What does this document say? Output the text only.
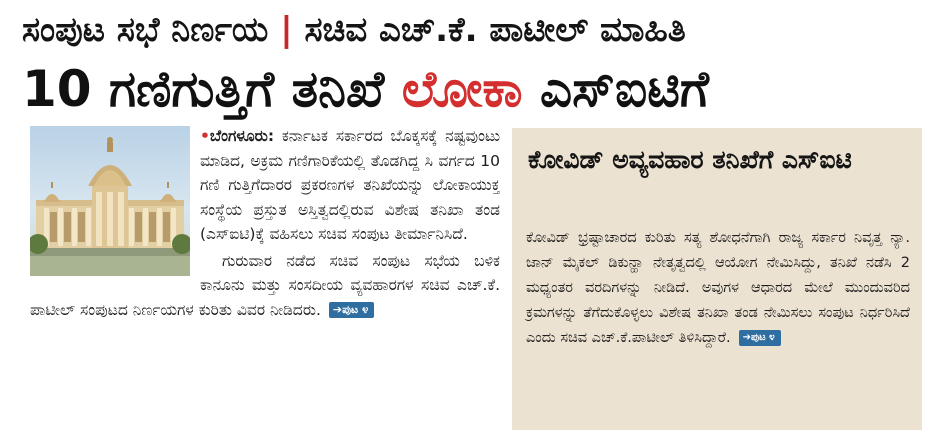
ಸಂಪುಟ ಸಭೆ ನಿರ್ಣಯ | ಸಚಿವ ಎಚ್‌.ಕೆ. ಪಾಟೀಲ್‌ ಮಾಹಿತಿ
10 ಗಣಿಗುತ್ತಿಗೆ ತನಿಖೆ ಲೋಕಾ ಎಸ್‌ಐಟಿಗೆ

•ಬೆಂಗಳೂರು: ಕರ್ನಾಟಕ ಸರ್ಕಾರದ ಬೊಕ್ಕಸಕ್ಕೆ ನಷ್ಟವುಂಟು ಮಾಡಿದ, ಅಕ್ರಮ ಗಣಿಗಾರಿಕೆಯಲ್ಲಿ ತೊಡಗಿದ್ದ ಸಿ ವರ್ಗದ 10 ಗಣಿ ಗುತ್ತಿಗೆದಾರರ ಪ್ರಕರಣಗಳ ತನಿಖೆಯನ್ನು ಲೋಕಾಯುಕ್ತ ಸಂಸ್ಥೆಯ ಪ್ರಸ್ತುತ ಅಸ್ತಿತ್ವದಲ್ಲಿರುವ ವಿಶೇಷ ತನಿಖಾ ತಂಡ (ಎಸ್‌ಐಟಿ)ಕ್ಕೆ ವಹಿಸಲು ಸಚಿವ ಸಂಪುಟ ತೀರ್ಮಾನಿಸಿದೆ.

ಗುರುವಾರ ನಡೆದ ಸಚಿವ ಸಂಪುಟ ಸಭೆಯ ಬಳಿಕ ಕಾನೂನು ಮತ್ತು ಸಂಸದೀಯ ವ್ಯವಹಾರಗಳ ಸಚಿವ ಎಚ್‌.ಕೆ. ಪಾಟೀಲ್‌ ಸಂಪುಟದ ನಿರ್ಣಯಗಳ ಕುರಿತು ವಿವರ ನೀಡಿದರು. ➔ಪುಟ ೪

ಕೋವಿಡ್‌ ಅವ್ಯವಹಾರ ತನಿಖೆಗೆ ಎಸ್‌ಐಟಿ
ಕೋವಿಡ್‌ ಭ್ರಷ್ಟಾಚಾರದ ಕುರಿತು ಸತ್ಯ ಶೋಧನೆಗಾಗಿ ರಾಜ್ಯ ಸರ್ಕಾರ ನಿವೃತ್ತ ನ್ಯಾ. ಜಾನ್‌ ಮೈಕಲ್‌ ಡಿಕುನ್ಹಾ ನೇತೃತ್ವದಲ್ಲಿ ಆಯೋಗ ನೇಮಿಸಿದ್ದು, ತನಿಖೆ ನಡೆಸಿ 2 ಮಧ್ಯಂತರ ವರದಿಗಳನ್ನು ನೀಡಿದೆ. ಅವುಗಳ ಆಧಾರದ ಮೇಲೆ ಮುಂದುವರಿದ ಕ್ರಮಗಳನ್ನು ತೆಗೆದುಕೊಳ್ಳಲು ವಿಶೇಷ ತನಿಖಾ ತಂಡ ನೇಮಿಸಲು ಸಂಪುಟ ನಿರ್ಧರಿಸಿದೆ ಎಂದು ಸಚಿವ ಎಚ್‌.ಕೆ.ಪಾಟೀಲ್‌ ತಿಳಿಸಿದ್ದಾರೆ. ➔ಪುಟ ೪
